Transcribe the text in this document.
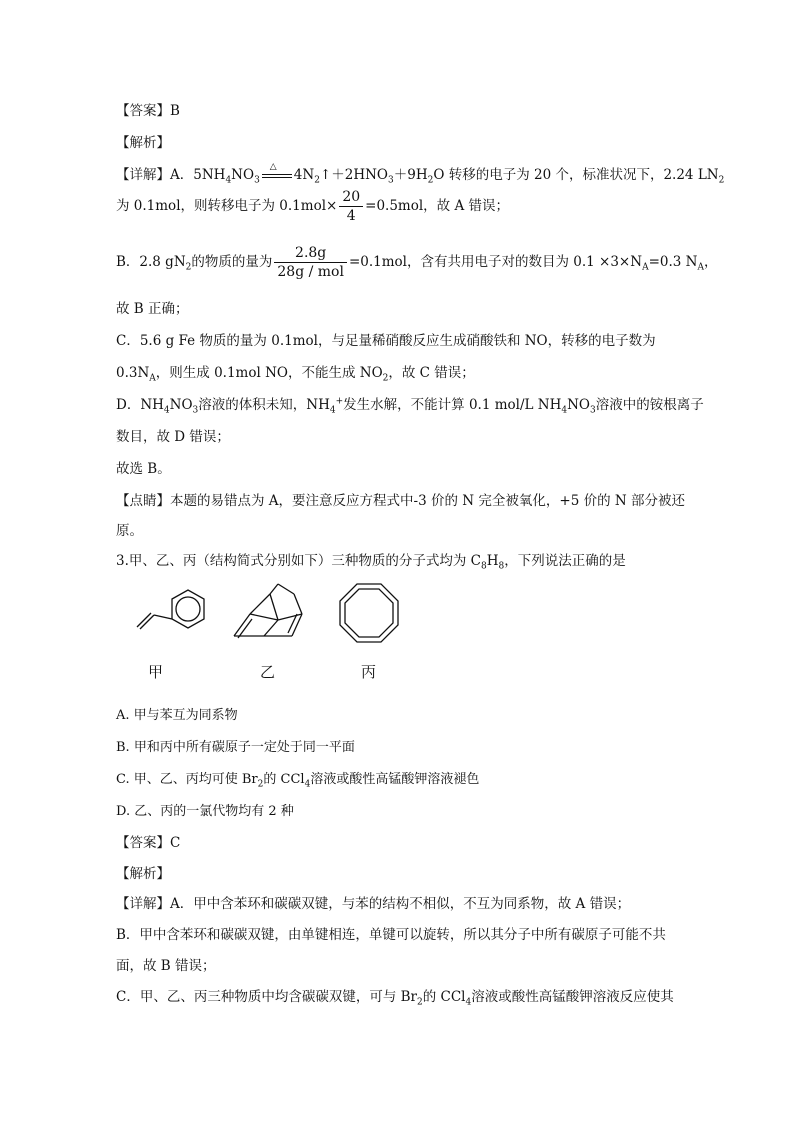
【答案】B
【解析】
【详解】A．$5NH_4NO_3$
△ $4N_2↑+2HNO_3+9H_2O$ 转移的电子为 20 个，标准状况下，2.24 $LN_2$
为 0.1mol，则转移电子为 $0.1mol\times \frac{20}{4} =0.5mol$，故 A 错误；
B．2.8 $gN_2$的物质的量为 $\frac{2.8g}{\text{28g / mol}} =0.1mol$，含有共用电子对的数目为 $0.1 \times 3\times N_A=0.3$ $N_A$，
故 B 正确；
C．5.6 g Fe 物质的量为 0.1mol，与足量稀硝酸反应生成硝酸铁和 NO，转移的电子数为
$0.3N_A$，则生成 0.1mol NO，不能生成 $NO_2$，故 C 错误；
D．$NH_4NO_3$溶液的体积未知，$NH_4^+$发生水解，不能计算 0.1 mol/L $NH_4NO_3$溶液中的铵根离子
数目，故 D 错误；
故选 B。
【点睛】本题的易错点为 A，要注意反应方程式中-3 价的 N 完全被氧化，+5 价的 N 部分被还
原。
3.甲、乙、丙（结构简式分别如下）三种物质的分子式均为 $C_8H_8$，下列说法正确的是
甲	乙	丙
A. 甲与苯互为同系物
B. 甲和丙中所有碳原子一定处于同一平面
C. 甲、乙、丙均可使 $Br_2$的 CCl$_4$溶液或酸性高锰酸钾溶液褪色
D. 乙、丙的一氯代物均有 2 种
【答案】C
【解析】
【详解】A．甲中含苯环和碳碳双键，与苯的结构不相似，不互为同系物，故 A 错误；
B．甲中含苯环和碳碳双键，由单键相连，单键可以旋转，所以其分子中所有碳原子可能不共
面，故 B 错误；
C．甲、乙、丙三种物质中均含碳碳双键，可与 $Br_2$的 CCl$_4$溶液或酸性高锰酸钾溶液反应使其
